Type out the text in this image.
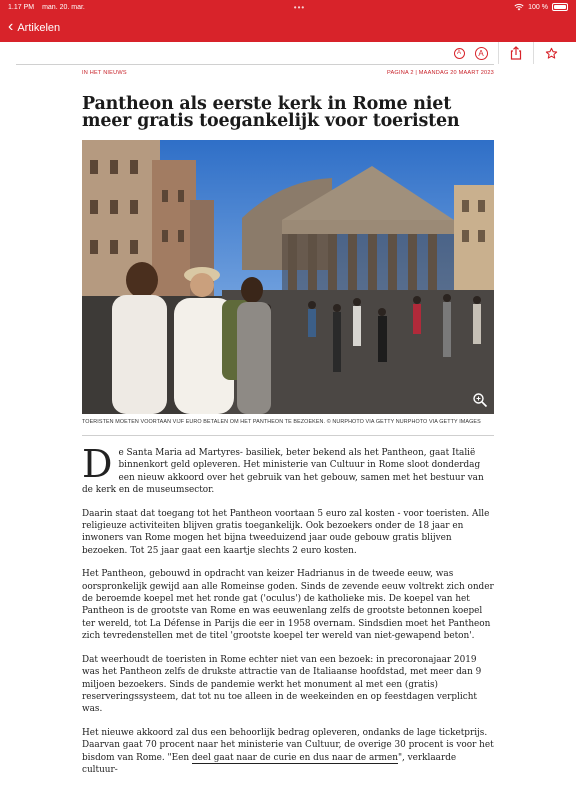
1.17 PM man. 20. mar.	•••	100 %
‹ Artikelen
A	A
IN HET NIEUWS	PAGINA 2 | MAANDAG 20 MAART 2023
Pantheon als eerste kerk in Rome niet meer gratis toegankelijk voor toeristen
TOERISTEN MOETEN VOORTAAN VIJF EURO BETALEN OM HET PANTHEON TE BEZOEKEN. © NURPHOTO VIA GETTY NURPHOTO VIA GETTY IMAGES

De Santa Maria ad Martyres- basiliek, beter bekend als het Pantheon, gaat Italië binnenkort geld opleveren. Het ministerie van Cultuur in Rome sloot donderdag een nieuw akkoord over het gebruik van het gebouw, samen met het bestuur van de kerk en de museumsector.

Daarin staat dat toegang tot het Pantheon voortaan 5 euro zal kosten - voor toeristen. Alle religieuze activiteiten blijven gratis toegankelijk. Ook bezoekers onder de 18 jaar en inwoners van Rome mogen het bijna tweeduizend jaar oude gebouw gratis blijven bezoeken. Tot 25 jaar gaat een kaartje slechts 2 euro kosten.

Het Pantheon, gebouwd in opdracht van keizer Hadrianus in de tweede eeuw, was oorspronkelijk gewijd aan alle Romeinse goden. Sinds de zevende eeuw voltrekt zich onder de beroemde koepel met het ronde gat ('oculus') de katholieke mis. De koepel van het Pantheon is de grootste van Rome en was eeuwenlang zelfs de grootste betonnen koepel ter wereld, tot La Défense in Parijs die eer in 1958 overnam. Sindsdien moet het Pantheon zich tevredenstellen met de titel 'grootste koepel ter wereld van niet-gewapend beton'.

Dat weerhoudt de toeristen in Rome echter niet van een bezoek: in precoronajaar 2019 was het Pantheon zelfs de drukste attractie van de Italiaanse hoofdstad, met meer dan 9 miljoen bezoekers. Sinds de pandemie werkt het monument al met een (gratis) reserveringssysteem, dat tot nu toe alleen in de weekeinden en op feestdagen verplicht was.

Het nieuwe akkoord zal dus een behoorlijk bedrag opleveren, ondanks de lage ticketprijs. Daarvan gaat 70 procent naar het ministerie van Cultuur, de overige 30 procent is voor het bisdom van Rome. "Een deel gaat naar de curie en dus naar de armen", verklaarde cultuur-
